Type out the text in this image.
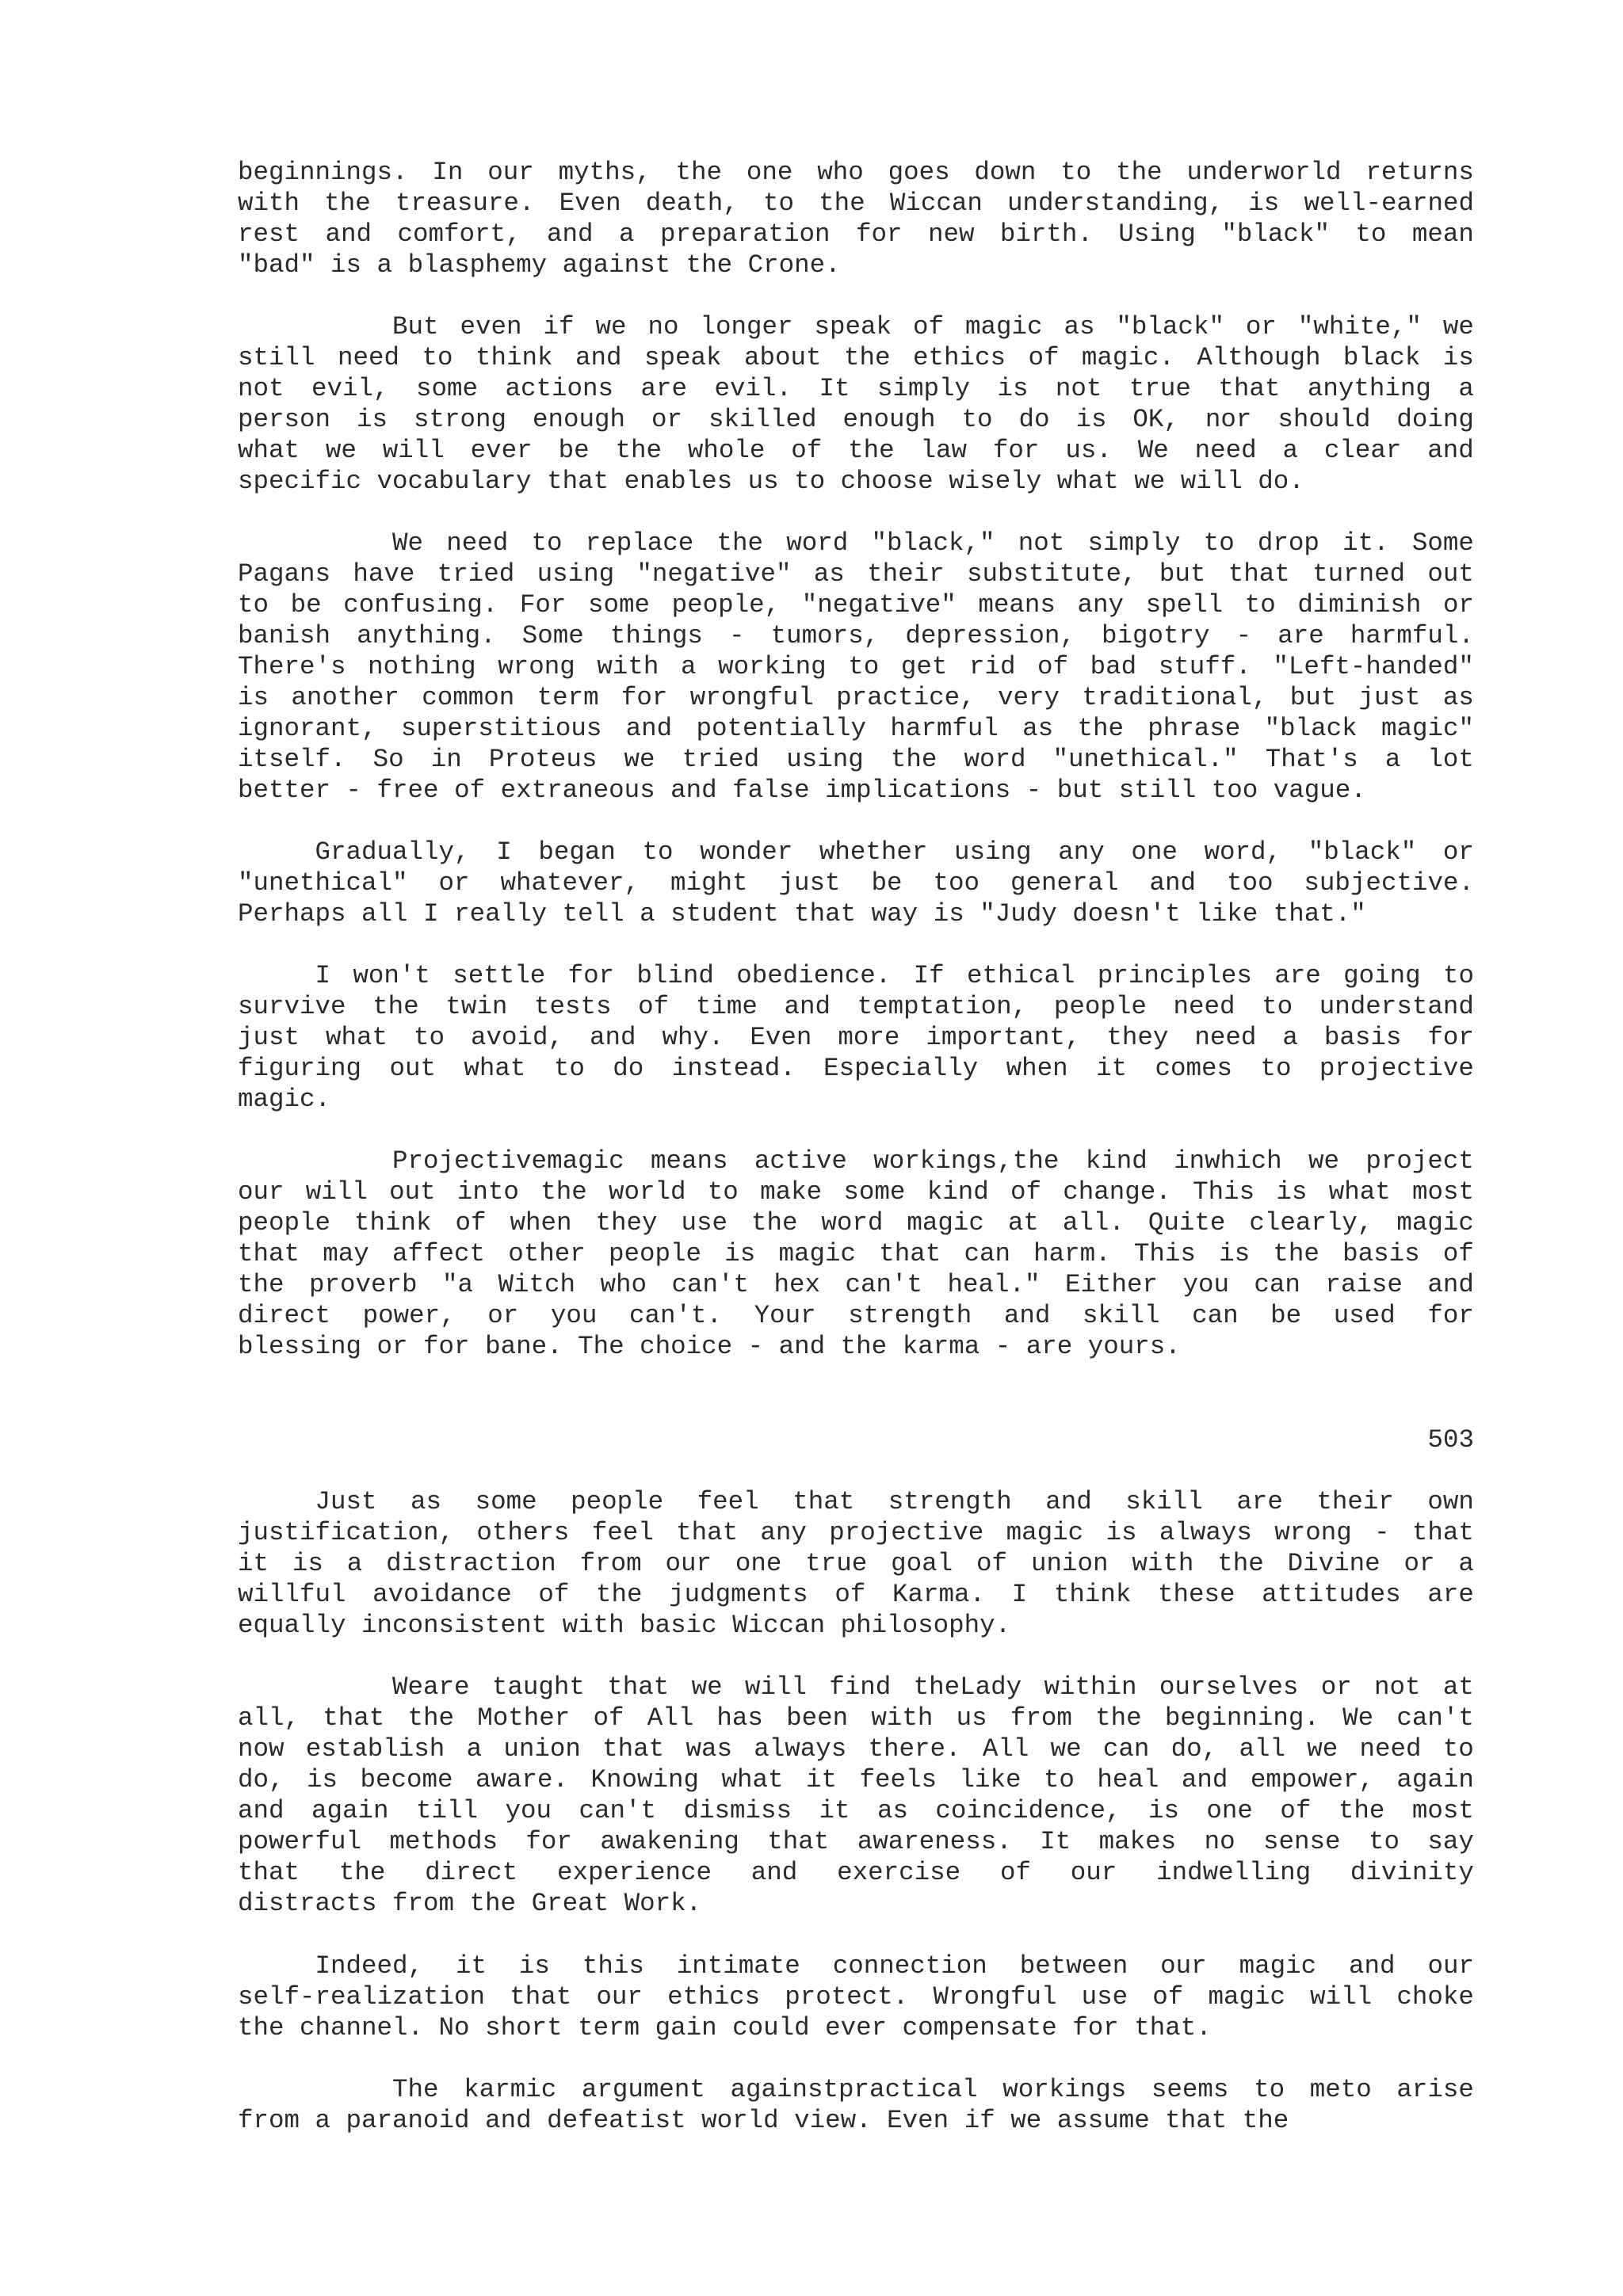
beginnings. In our myths, the one who goes down to the underworld returns
with the treasure. Even death, to the Wiccan understanding, is well-earned
rest and comfort, and a preparation for new birth. Using "black" to mean
"bad" is a blasphemy against the Crone.
But even if we no longer speak of magic as "black" or "white," we
still need to think and speak about the ethics of magic. Although black is
not evil, some actions are evil. It simply is not true that anything a
person is strong enough or skilled enough to do is OK, nor should doing
what we will ever be the whole of the law for us. We need a clear and
specific vocabulary that enables us to choose wisely what we will do.
We need to replace the word "black," not simply to drop it. Some
Pagans have tried using "negative" as their substitute, but that turned out
to be confusing. For some people, "negative" means any spell to diminish or
banish anything. Some things - tumors, depression, bigotry - are harmful.
There's nothing wrong with a working to get rid of bad stuff. "Left-handed"
is another common term for wrongful practice, very traditional, but just as
ignorant, superstitious and potentially harmful as the phrase "black magic"
itself. So in Proteus we tried using the word "unethical." That's a lot
better - free of extraneous and false implications - but still too vague.
Gradually, I began to wonder whether using any one word, "black" or
"unethical" or whatever, might just be too general and too subjective.
Perhaps all I really tell a student that way is "Judy doesn't like that."
I won't settle for blind obedience. If ethical principles are going to
survive the twin tests of time and temptation, people need to understand
just what to avoid, and why. Even more important, they need a basis for
figuring out what to do instead. Especially when it comes to projective
magic.
Projectivemagic means active workings,the kind inwhich we project
our will out into the world to make some kind of change. This is what most
people think of when they use the word magic at all. Quite clearly, magic
that may affect other people is magic that can harm. This is the basis of
the proverb "a Witch who can't hex can't heal." Either you can raise and
direct power, or you can't. Your strength and skill can be used for
blessing or for bane. The choice - and the karma - are yours.
503
Just as some people feel that strength and skill are their own
justification, others feel that any projective magic is always wrong - that
it is a distraction from our one true goal of union with the Divine or a
willful avoidance of the judgments of Karma. I think these attitudes are
equally inconsistent with basic Wiccan philosophy.
Weare taught that we will find theLady within ourselves or not at
all, that the Mother of All has been with us from the beginning. We can't
now establish a union that was always there. All we can do, all we need to
do, is become aware. Knowing what it feels like to heal and empower, again
and again till you can't dismiss it as coincidence, is one of the most
powerful methods for awakening that awareness. It makes no sense to say
that the direct experience and exercise of our indwelling divinity
distracts from the Great Work.
Indeed, it is this intimate connection between our magic and our
self-realization that our ethics protect. Wrongful use of magic will choke
the channel. No short term gain could ever compensate for that.
The karmic argument againstpractical workings seems to meto arise
from a paranoid and defeatist world view. Even if we assume that the
